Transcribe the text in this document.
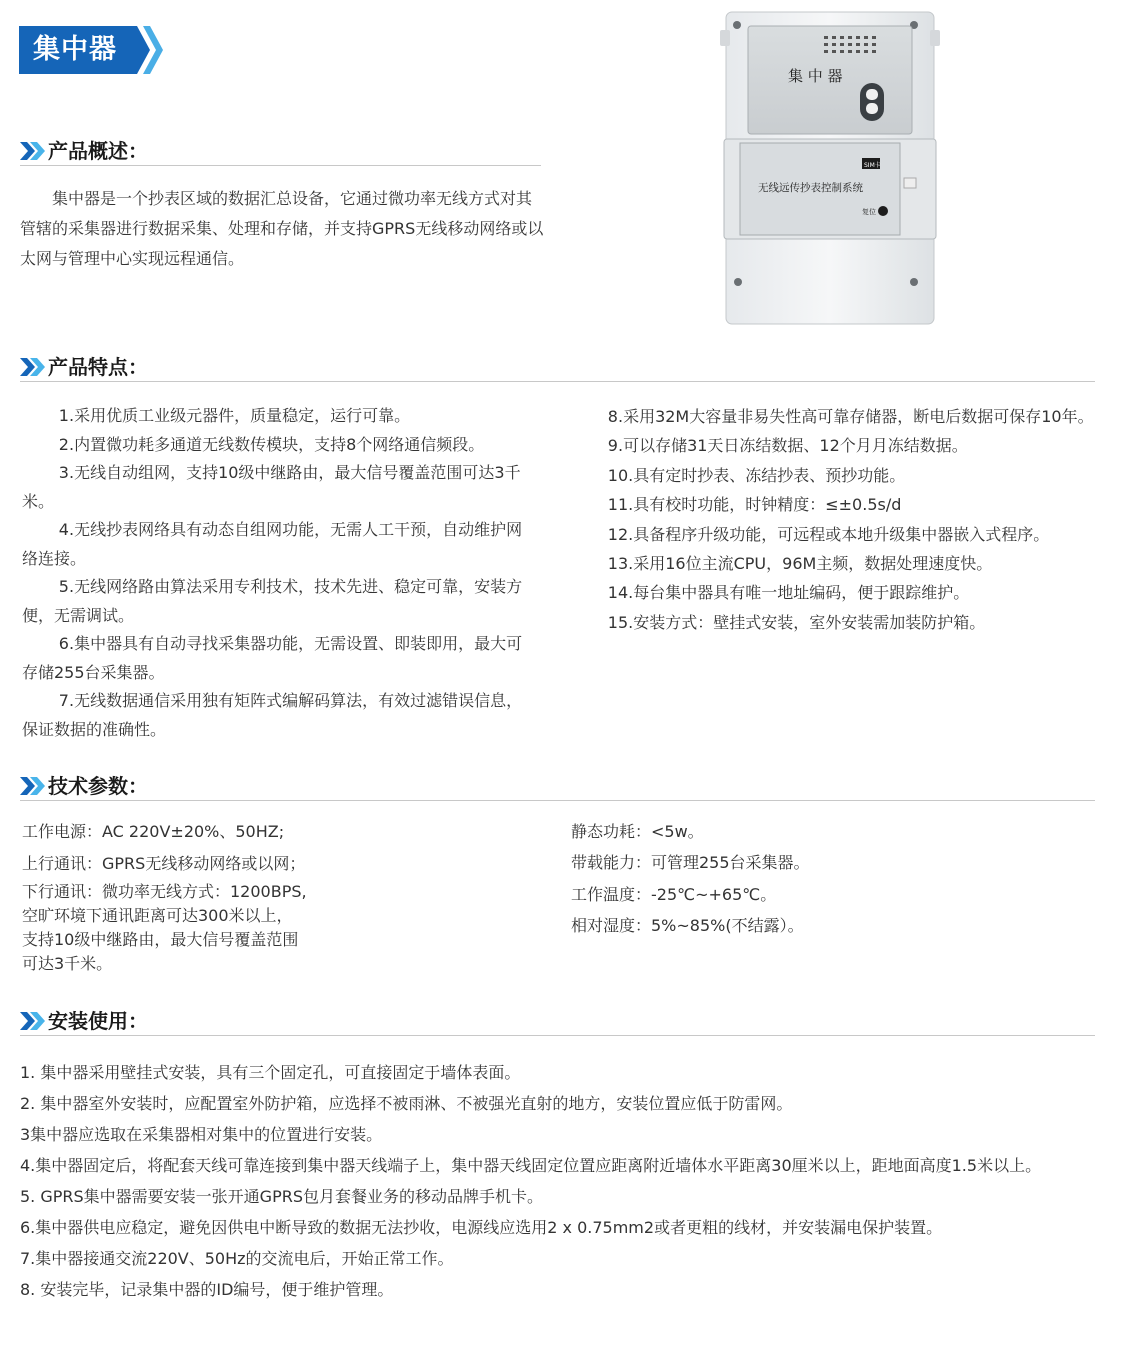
集中器
产品概述：
集中器是一个抄表区域的数据汇总设备，它通过微功率无线方式对其管辖的采集器进行数据采集、处理和存储，并支持GPRS无线移动网络或以太网与管理中心实现远程通信。
集 中 器
SIM卡
无线远传抄表控制系统
复位
产品特点：
1.采用优质工业级元器件，质量稳定，运行可靠。
2.内置微功耗多通道无线数传模块，支持8个网络通信频段。
3.无线自动组网，支持10级中继路由，最大信号覆盖范围可达3千米。
4.无线抄表网络具有动态自组网功能，无需人工干预，自动维护网络连接。
5.无线网络路由算法采用专利技术，技术先进、稳定可靠，安装方便，无需调试。
6.集中器具有自动寻找采集器功能，无需设置、即装即用，最大可存储255台采集器。
7.无线数据通信采用独有矩阵式编解码算法，有效过滤错误信息，保证数据的准确性。
8.采用32M大容量非易失性高可靠存储器，断电后数据可保存10年。
9.可以存储31天日冻结数据、12个月月冻结数据。
10.具有定时抄表、冻结抄表、预抄功能。
11.具有校时功能，时钟精度：≤±0.5s/d
12.具备程序升级功能，可远程或本地升级集中器嵌入式程序。
13.采用16位主流CPU，96M主频，数据处理速度快。
14.每台集中器具有唯一地址编码，便于跟踪维护。
15.安装方式：壁挂式安装，室外安装需加装防护箱。
技术参数：
工作电源：AC 220V±20%、50HZ;
上行通讯：GPRS无线移动网络或以网；
下行通讯：微功率无线方式：1200BPS,
空旷环境下通讯距离可达300米以上，
支持10级中继路由，最大信号覆盖范围
可达3千米。
静态功耗：<5w。
带载能力：可管理255台采集器。
工作温度：-25℃~+65℃。
相对湿度：5%~85%(不结露）。
安装使用：
1. 集中器采用壁挂式安装，具有三个固定孔，可直接固定于墙体表面。
2. 集中器室外安装时，应配置室外防护箱，应选择不被雨淋、不被强光直射的地方，安装位置应低于防雷网。
3集中器应选取在采集器相对集中的位置进行安装。
4.集中器固定后，将配套天线可靠连接到集中器天线端子上，集中器天线固定位置应距离附近墙体水平距离30厘米以上，距地面高度1.5米以上。
5. GPRS集中器需要安装一张开通GPRS包月套餐业务的移动品牌手机卡。
6.集中器供电应稳定，避免因供电中断导致的数据无法抄收，电源线应选用2 x 0.75mm2或者更粗的线材，并安装漏电保护装置。
7.集中器接通交流220V、50Hz的交流电后，开始正常工作。
8. 安装完毕，记录集中器的ID编号，便于维护管理。
